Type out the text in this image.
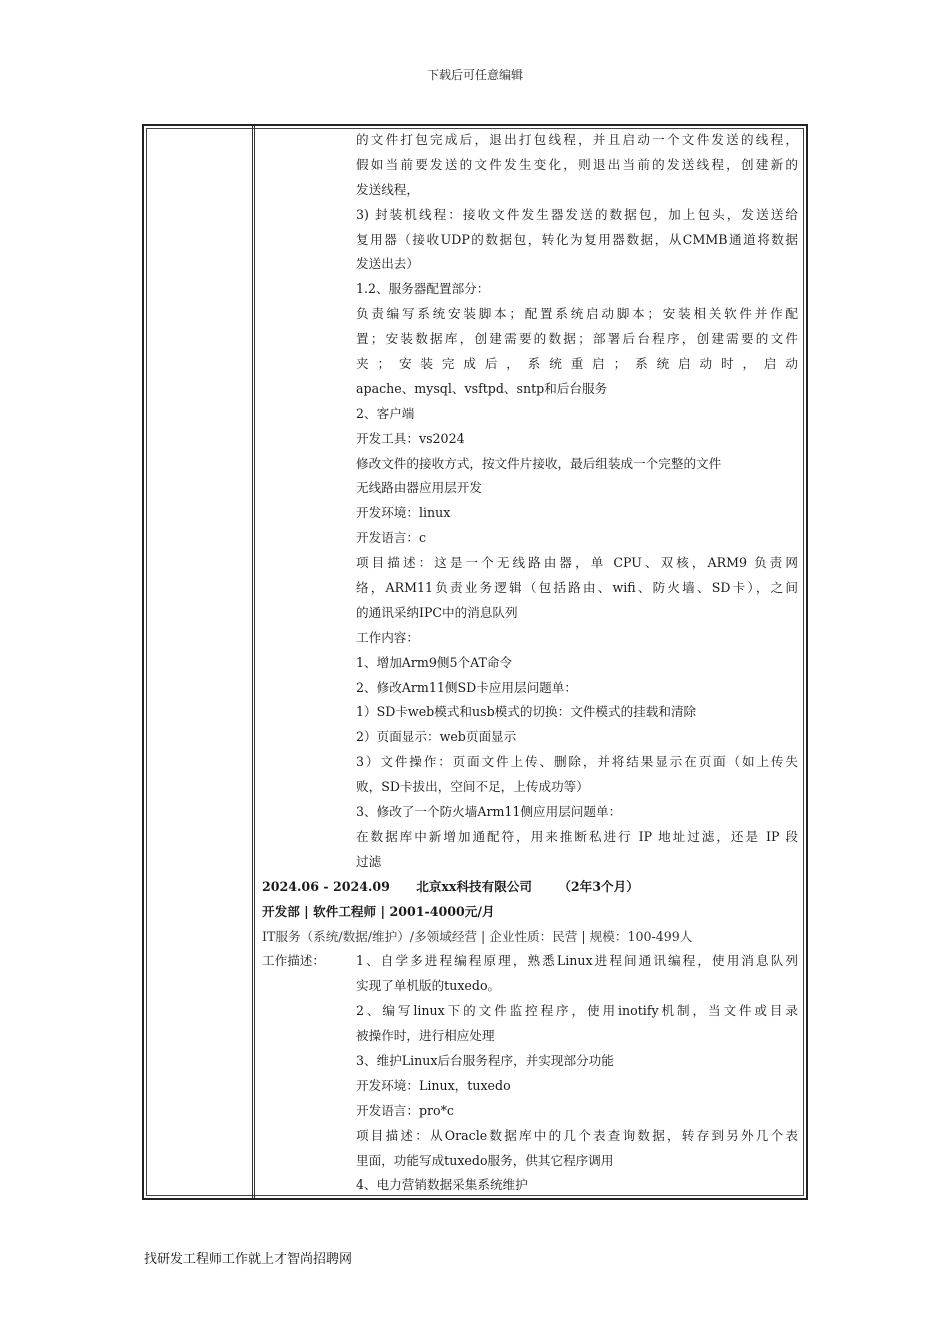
下载后可任意编辑
的文件打包完成后，退出打包线程，并且启动一个文件发送的线程，
假如当前要发送的文件发生变化，则退出当前的发送线程，创建新的
发送线程，
3) 封装机线程：接收文件发生器发送的数据包，加上包头，发送送给
复用器（接收UDP的数据包，转化为复用器数据，从CMMB通道将数据
发送出去）
1.2、服务器配置部分：
负责编写系统安装脚本；配置系统启动脚本；安装相关软件并作配
置；安装数据库，创建需要的数据；部署后台程序，创建需要的文件
夹；安装完成后，系统重启；系统启动时，启动
apache、mysql、vsftpd、sntp和后台服务
2、客户端
开发工具：vs2024
修改文件的接收方式，按文件片接收，最后组装成一个完整的文件
无线路由器应用层开发
开发环境：linux
开发语言：c
项目描述：这是一个无线路由器，单 CPU、双核，ARM9 负责网
络，ARM11负责业务逻辑（包括路由、wifi、防火墙、SD卡），之间
的通讯采纳IPC中的消息队列
工作内容：
1、增加Arm9侧5个AT命令
2、修改Arm11侧SD卡应用层问题单：
1）SD卡web模式和usb模式的切换：文件模式的挂载和清除
2）页面显示：web页面显示
3）文件操作：页面文件上传、删除，并将结果显示在页面（如上传失
败，SD卡拔出，空间不足，上传成功等）
3、修改了一个防火墙Arm11侧应用层问题单：
在数据库中新增加通配符，用来推断私进行 IP 地址过滤，还是 IP 段
过滤
2024.06 - 2024.09 北京xx科技有限公司 （2年3个月）
开发部 | 软件工程师 | 2001-4000元/月
IT服务（系统/数据/维护）/多领域经营 | 企业性质：民营 | 规模：100-499人
工作描述：	1、自学多进程编程原理，熟悉Linux进程间通讯编程，使用消息队列
实现了单机版的tuxedo。
2、编写linux下的文件监控程序，使用inotify机制，当文件或目录
被操作时，进行相应处理
3、维护Linux后台服务程序，并实现部分功能
开发环境：Linux，tuxedo
开发语言：pro*c
项目描述：从Oracle数据库中的几个表查询数据，转存到另外几个表
里面，功能写成tuxedo服务，供其它程序调用
4、电力营销数据采集系统维护
找研发工程师工作就上才智尚招聘网
